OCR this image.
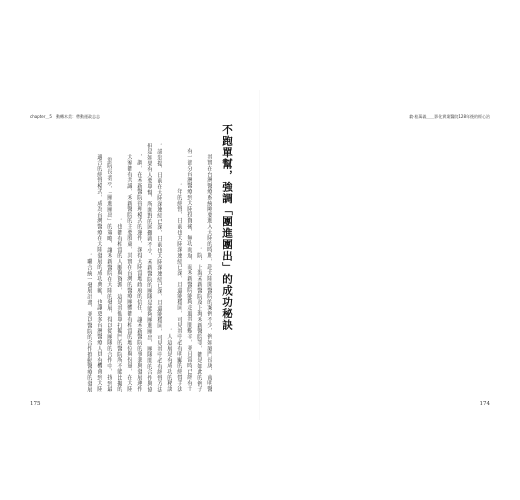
chapter＿5　動轉木美：帶動運政志志
不跑單幫，強調「團進團出」的成功秘訣
其實在台灣醫療系統剛要進入大陸的時期，赴大陸開醫院的案例不少，例如廈門長庚、南明醫
院、上海禾新醫院及上海禾新醫院等，都是如此的例子。
有一部分台灣醫療到大陸投資後，無功而返，而禾新醫院能夠走過其間艱辛，並且當時已經有十
年的經營，日前也大陸深連結已深，且還能穩固，可見其中必有明顯的經營手法。
人這層是有成功的秘訣。
請翁提，日前在大陸深連結已深，日前也大陸深連結已深，且還能穩固，可見其中必有經營方法。
但是如果有人要單幫，所面對的困難就不小，禾新醫院的團隊是能夠團進團出，團隊間的合作與協
調，在禾新醫院管理模式的運作，深得大陸當地政府的信任，讓禾新醫院的事業與發展運作，
大家都有共識，禾新醫院的主要股東，其實在台灣的醫療團體都有相當的地位與份量，在大陸
也都有相當的人脈與資源，這是其他單打獨鬥的醫院所不能比擬的。
翁院長表示，「團進團出」的策略，讓禾新醫院在大陸的發展，得以從團隊的合作中，找到最
適合的經營模式，成為台灣醫療在大陸發展的成功典範，也讓更多台灣醫療人員有機會到大陸
聯合統一發展計畫，並以醫院的合作推動醫療的發展。
175
翁‧桂萬義＿＿影化實業醫院128年後的經心治
174
